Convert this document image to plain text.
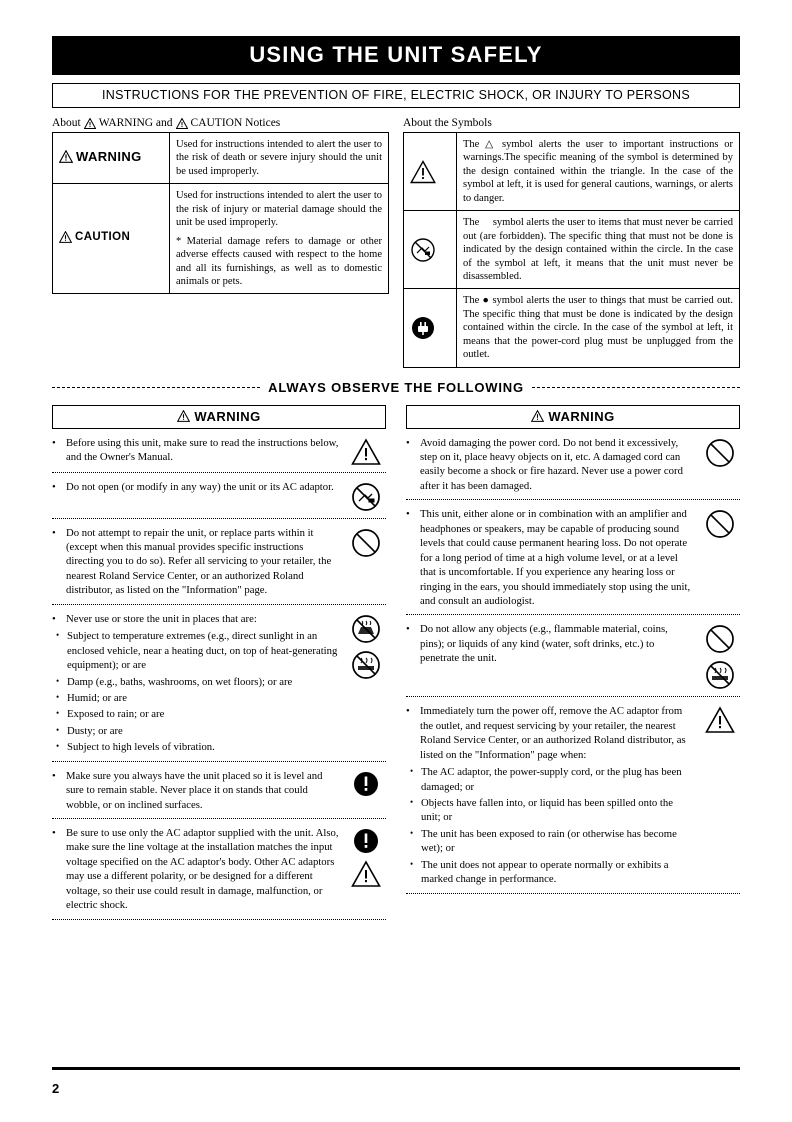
USING THE UNIT SAFELY
INSTRUCTIONS FOR THE PREVENTION OF FIRE, ELECTRIC SHOCK, OR INJURY TO PERSONS
About WARNING and CAUTION Notices
WARNING	Used for instructions intended to alert the user to the risk of death or severe injury should the unit be used improperly.

CAUTION	Used for instructions intended to alert the user to the risk of injury or material damage should the unit be used improperly.
* Material damage refers to damage or other adverse effects caused with respect to the home and all its furnishings, as well as to domestic animals or pets.
About the Symbols
	The △ symbol alerts the user to important instructions or warnings.The specific meaning of the symbol is determined by the design contained within the triangle. In the case of the symbol at left, it is used for general cautions, warnings, or alerts to danger.

	The ⃠ symbol alerts the user to items that must never be carried out (are forbidden). The specific thing that must not be done is indicated by the design contained within the circle. In the case of the symbol at left, it means that the unit must never be disassembled.

	The ● symbol alerts the user to things that must be carried out. The specific thing that must be done is indicated by the design contained within the circle. In the case of the symbol at left, it means that the power-cord plug must be unplugged from the outlet.
ALWAYS OBSERVE THE FOLLOWING
WARNING
• Before using this unit, make sure to read the instructions below, and the Owner's Manual.
• Do not open (or modify in any way) the unit or its AC adaptor.
• Do not attempt to repair the unit, or replace parts within it (except when this manual provides specific instructions directing you to do so). Refer all servicing to your retailer, the nearest Roland Service Center, or an authorized Roland distributor, as listed on the "Information" page.
• Never use or store the unit in places that are:
• Subject to temperature extremes (e.g., direct sunlight in an enclosed vehicle, near a heating duct, on top of heat-generating equipment); or are
• Damp (e.g., baths, washrooms, on wet floors); or are
• Humid; or are
• Exposed to rain; or are
• Dusty; or are
• Subject to high levels of vibration.
• Make sure you always have the unit placed so it is level and sure to remain stable. Never place it on stands that could wobble, or on inclined surfaces.
• Be sure to use only the AC adaptor supplied with the unit. Also, make sure the line voltage at the installation matches the input voltage specified on the AC adaptor's body. Other AC adaptors may use a different polarity, or be designed for a different voltage, so their use could result in damage, malfunction, or electric shock.
WARNING
• Avoid damaging the power cord. Do not bend it excessively, step on it, place heavy objects on it, etc. A damaged cord can easily become a shock or fire hazard. Never use a power cord after it has been damaged.
• This unit, either alone or in combination with an amplifier and headphones or speakers, may be capable of producing sound levels that could cause permanent hearing loss. Do not operate for a long period of time at a high volume level, or at a level that is uncomfortable. If you experience any hearing loss or ringing in the ears, you should immediately stop using the unit, and consult an audiologist.
• Do not allow any objects (e.g., flammable material, coins, pins); or liquids of any kind (water, soft drinks, etc.) to penetrate the unit.
• Immediately turn the power off, remove the AC adaptor from the outlet, and request servicing by your retailer, the nearest Roland Service Center, or an authorized Roland distributor, as listed on the "Information" page when:
• The AC adaptor, the power-supply cord, or the plug has been damaged; or
• Objects have fallen into, or liquid has been spilled onto the unit; or
• The unit has been exposed to rain (or otherwise has become wet); or
• The unit does not appear to operate normally or exhibits a marked change in performance.
2
